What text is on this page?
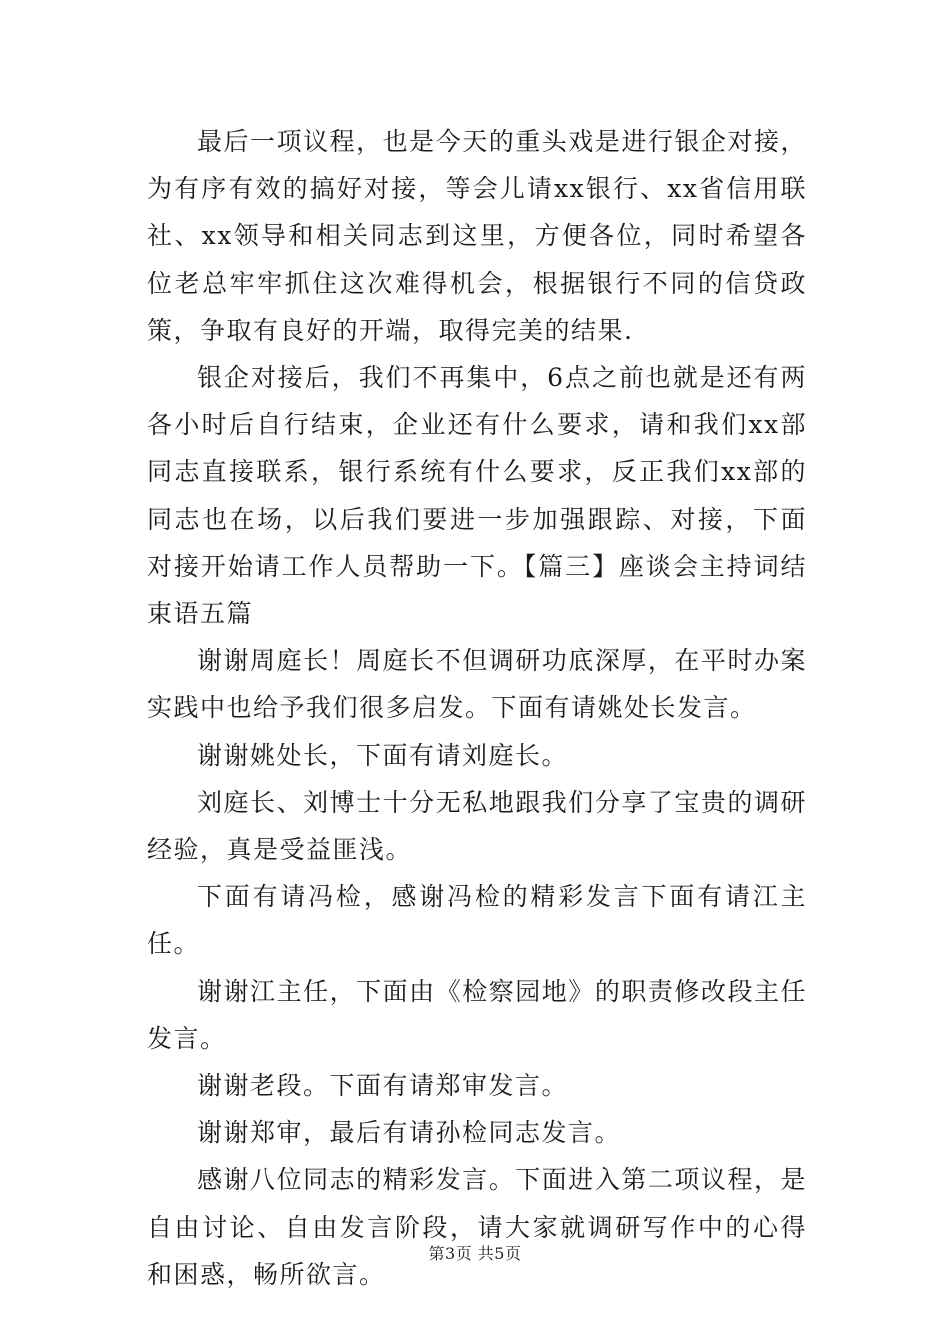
最后一项议程，也是今天的重头戏是进行银企对接，为有序有效的搞好对接，等会儿请xx银行、xx省信用联社、xx领导和相关同志到这里，方便各位，同时希望各位老总牢牢抓住这次难得机会，根据银行不同的信贷政策，争取有良好的开端，取得完美的结果.

银企对接后，我们不再集中，6点之前也就是还有两各小时后自行结束，企业还有什么要求，请和我们xx部同志直接联系，银行系统有什么要求，反正我们xx部的同志也在场，以后我们要进一步加强跟踪、对接，下面对接开始请工作人员帮助一下。【篇三】座谈会主持词结束语五篇

谢谢周庭长！周庭长不但调研功底深厚，在平时办案实践中也给予我们很多启发。下面有请姚处长发言。

谢谢姚处长，下面有请刘庭长。

刘庭长、刘博士十分无私地跟我们分享了宝贵的调研经验，真是受益匪浅。

下面有请冯检，感谢冯检的精彩发言下面有请江主任。

谢谢江主任，下面由《检察园地》的职责修改段主任发言。

谢谢老段。下面有请郑审发言。

谢谢郑审，最后有请孙检同志发言。

感谢八位同志的精彩发言。下面进入第二项议程，是自由讨论、自由发言阶段，请大家就调研写作中的心得和困惑，畅所欲言。

第3页 共5页
